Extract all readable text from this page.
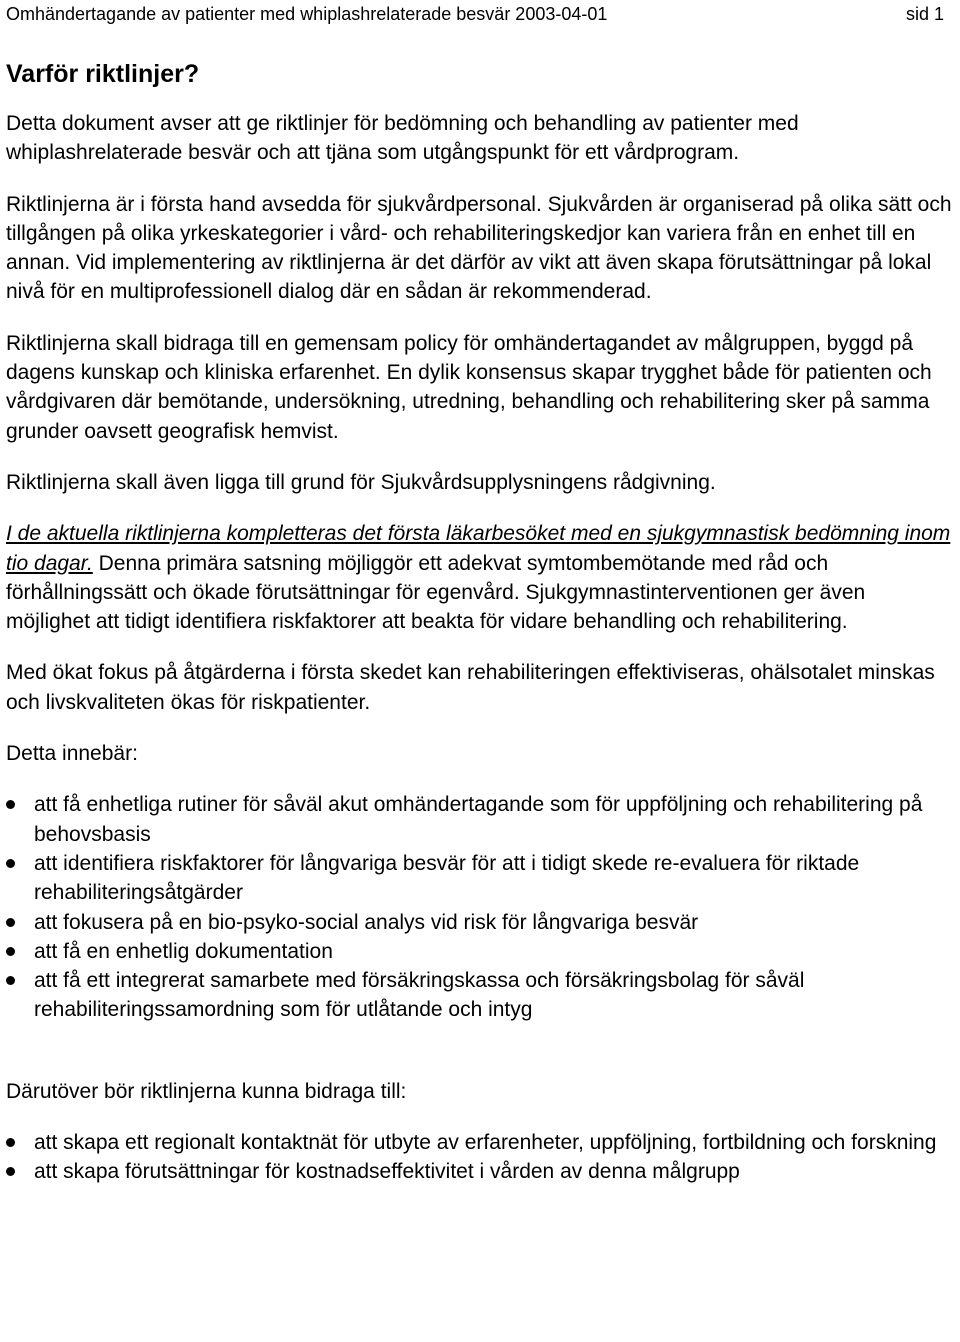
Omhändertagande av patienter med whiplashrelaterade besvär 2003-04-01	sid 1
Varför riktlinjer?

Detta dokument avser att ge riktlinjer för bedömning och behandling av patienter med whiplashrelaterade besvär och att tjäna som utgångspunkt för ett vårdprogram.

Riktlinjerna är i första hand avsedda för sjukvårdpersonal. Sjukvården är organiserad på olika sätt och tillgången på olika yrkeskategorier i vård- och rehabiliteringskedjor kan variera från en enhet till en annan. Vid implementering av riktlinjerna är det därför av vikt att även skapa förutsättningar på lokal nivå för en multiprofessionell dialog där en sådan är rekommenderad.

Riktlinjerna skall bidraga till en gemensam policy för omhändertagandet av målgruppen, byggd på dagens kunskap och kliniska erfarenhet. En dylik konsensus skapar trygghet både för patienten och vårdgivaren där bemötande, undersökning, utredning, behandling och rehabilitering sker på samma grunder oavsett geografisk hemvist.

Riktlinjerna skall även ligga till grund för Sjukvårdsupplysningens rådgivning.

I de aktuella riktlinjerna kompletteras det första läkarbesöket med en sjukgymnastisk bedömning inom tio dagar. Denna primära satsning möjliggör ett adekvat symtombemötande med råd och förhållningssätt och ökade förutsättningar för egenvård. Sjukgymnastinterventionen ger även möjlighet att tidigt identifiera riskfaktorer att beakta för vidare behandling och rehabilitering.

Med ökat fokus på åtgärderna i första skedet kan rehabiliteringen effektiviseras, ohälsotalet minskas och livskvaliteten ökas för riskpatienter.

Detta innebär:

att få enhetliga rutiner för såväl akut omhändertagande som för uppföljning och rehabilitering på behovsbasis
att identifiera riskfaktorer för långvariga besvär för att i tidigt skede re-evaluera för riktade rehabiliteringsåtgärder
att fokusera på en bio-psyko-social analys vid risk för långvariga besvär
att få en enhetlig dokumentation
att få ett integrerat samarbete med försäkringskassa och försäkringsbolag för såväl rehabiliteringssamordning som för utlåtande och intyg

Därutöver bör riktlinjerna kunna bidraga till:

att skapa ett regionalt kontaktnät för utbyte av erfarenheter, uppföljning, fortbildning och forskning
att skapa förutsättningar för kostnadseffektivitet i vården av denna målgrupp
